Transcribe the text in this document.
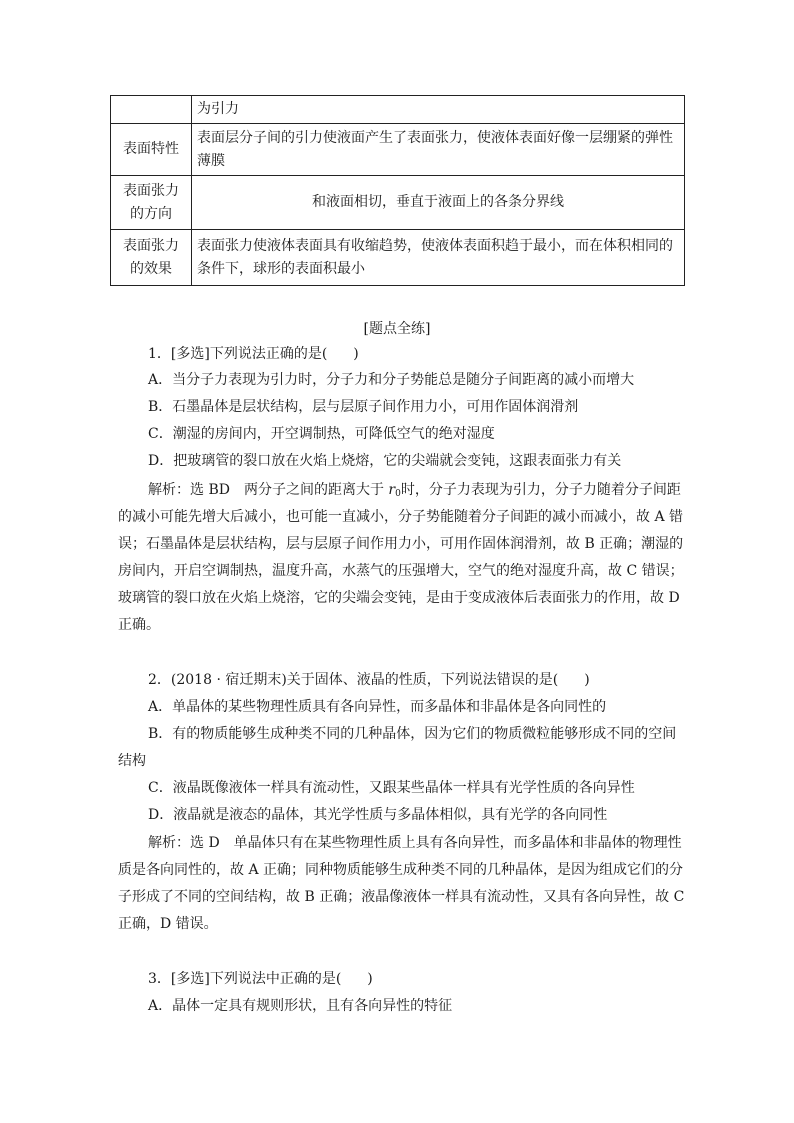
	为引力
表面特性	表面层分子间的引力使液面产生了表面张力，使液体表面好像一层绷紧的弹性薄膜
表面张力的方向	和液面相切，垂直于液面上的各条分界线
表面张力的效果	表面张力使液体表面具有收缩趋势，使液体表面积趋于最小，而在体积相同的条件下，球形的表面积最小
[题点全练]
1．[多选]下列说法正确的是( )
A．当分子力表现为引力时，分子力和分子势能总是随分子间距离的减小而增大
B．石墨晶体是层状结构，层与层原子间作用力小，可用作固体润滑剂
C．潮湿的房间内，开空调制热，可降低空气的绝对湿度
D．把玻璃管的裂口放在火焰上烧熔，它的尖端就会变钝，这跟表面张力有关
解析：选 BD　两分子之间的距离大于 $r_0$时，分子力表现为引力，分子力随着分子间距
的减小可能先增大后减小，也可能一直减小，分子势能随着分子间距的减小而减小，故 A 错
误；石墨晶体是层状结构，层与层原子间作用力小，可用作固体润滑剂，故 B 正确；潮湿的
房间内，开启空调制热，温度升高，水蒸气的压强增大，空气的绝对湿度升高，故 C 错误；
玻璃管的裂口放在火焰上烧溶，它的尖端会变钝，是由于变成液体后表面张力的作用，故 D
正确。
2．(2018 · 宿迁期末)关于固体、液晶的性质，下列说法错误的是( )
A．单晶体的某些物理性质具有各向异性，而多晶体和非晶体是各向同性的
B．有的物质能够生成种类不同的几种晶体，因为它们的物质微粒能够形成不同的空间
结构
C．液晶既像液体一样具有流动性，又跟某些晶体一样具有光学性质的各向异性
D．液晶就是液态的晶体，其光学性质与多晶体相似，具有光学的各向同性
解析：选 D　单晶体只有在某些物理性质上具有各向异性，而多晶体和非晶体的物理性
质是各向同性的，故 A 正确；同种物质能够生成种类不同的几种晶体，是因为组成它们的分
子形成了不同的空间结构，故 B 正确；液晶像液体一样具有流动性，又具有各向异性，故 C
正确，D 错误。
3．[多选]下列说法中正确的是( )
A．晶体一定具有规则形状，且有各向异性的特征
